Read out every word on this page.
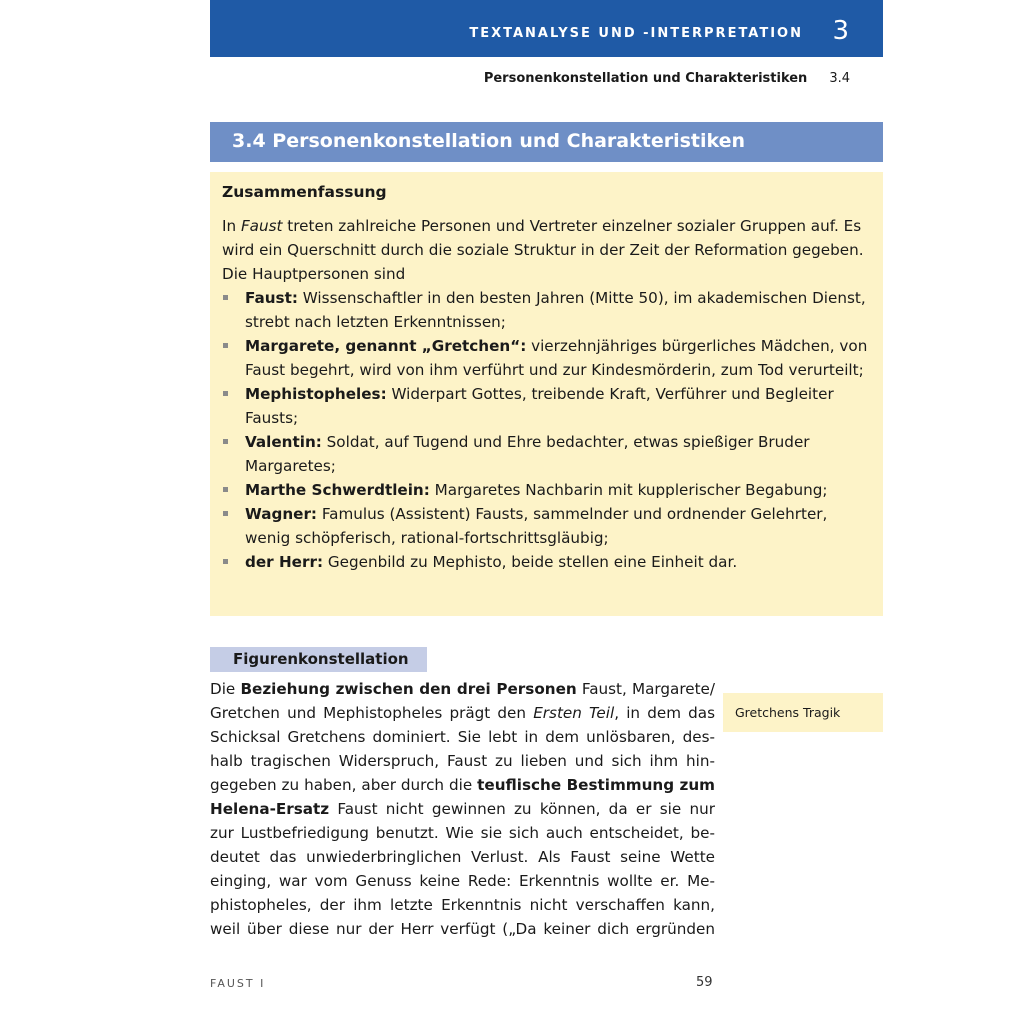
TEXTANALYSE UND -INTERPRETATION 3
Personenkonstellation und Charakteristiken 3.4
3.4 Personenkonstellation und Charakteristiken
Zusammenfassung

In Faust treten zahlreiche Personen und Vertreter einzelner sozialer Gruppen auf. Es wird ein Querschnitt durch die soziale Struktur in der Zeit der Reformation gegeben. Die Hauptpersonen sind

Faust: Wissenschaftler in den besten Jahren (Mitte 50), im akademischen Dienst, strebt nach letzten Erkenntnissen;
Margarete, genannt „Gretchen“: vierzehnjähriges bürgerliches Mädchen, von Faust begehrt, wird von ihm verführt und zur Kindesmörderin, zum Tod verurteilt;
Mephistopheles: Widerpart Gottes, treibende Kraft, Verführer und Begleiter Fausts;
Valentin: Soldat, auf Tugend und Ehre bedachter, etwas spießiger Bruder Margaretes;
Marthe Schwerdtlein: Margaretes Nachbarin mit kupplerischer Begabung;
Wagner: Famulus (Assistent) Fausts, sammelnder und ordnender Gelehrter, wenig schöpferisch, rational-fortschrittsgläubig;
der Herr: Gegenbild zu Mephisto, beide stellen eine Einheit dar.
Figurenkonstellation
Die Beziehung zwischen den drei Personen Faust, Margarete/
Gretchen und Mephistopheles prägt den Ersten Teil, in dem das
Schicksal Gretchens dominiert. Sie lebt in dem unlösbaren, des-
halb tragischen Widerspruch, Faust zu lieben und sich ihm hin-
gegeben zu haben, aber durch die teuflische Bestimmung zum
Helena-Ersatz Faust nicht gewinnen zu können, da er sie nur
zur Lustbefriedigung benutzt. Wie sie sich auch entscheidet, be-
deutet das unwiederbringlichen Verlust. Als Faust seine Wette
einging, war vom Genuss keine Rede: Erkenntnis wollte er. Me-
phistopheles, der ihm letzte Erkenntnis nicht verschaffen kann,
weil über diese nur der Herr verfügt („Da keiner dich ergründen
Gretchens Tragik
FAUST I	59
